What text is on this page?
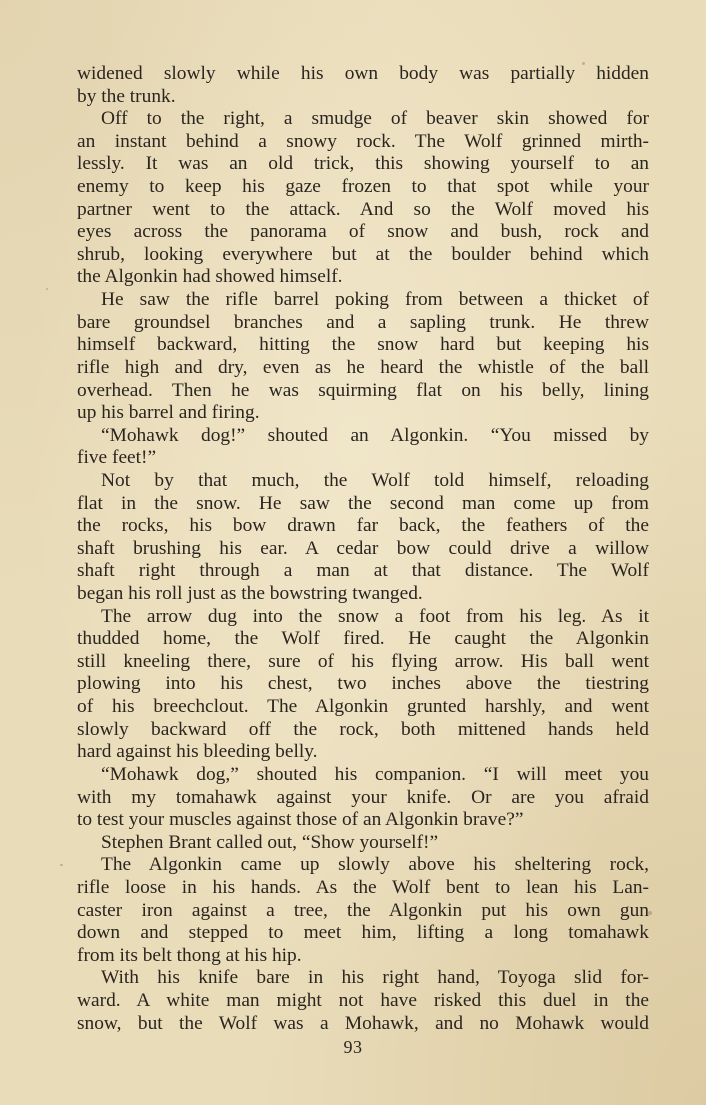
widened slowly while his own body was partially hidden
by the trunk.
Off to the right, a smudge of beaver skin showed for
an instant behind a snowy rock. The Wolf grinned mirth-
lessly. It was an old trick, this showing yourself to an
enemy to keep his gaze frozen to that spot while your
partner went to the attack. And so the Wolf moved his
eyes across the panorama of snow and bush, rock and
shrub, looking everywhere but at the boulder behind which
the Algonkin had showed himself.
He saw the rifle barrel poking from between a thicket of
bare groundsel branches and a sapling trunk. He threw
himself backward, hitting the snow hard but keeping his
rifle high and dry, even as he heard the whistle of the ball
overhead. Then he was squirming flat on his belly, lining
up his barrel and firing.
“Mohawk dog!” shouted an Algonkin. “You missed by
five feet!”
Not by that much, the Wolf told himself, reloading
flat in the snow. He saw the second man come up from
the rocks, his bow drawn far back, the feathers of the
shaft brushing his ear. A cedar bow could drive a willow
shaft right through a man at that distance. The Wolf
began his roll just as the bowstring twanged.
The arrow dug into the snow a foot from his leg. As it
thudded home, the Wolf fired. He caught the Algonkin
still kneeling there, sure of his flying arrow. His ball went
plowing into his chest, two inches above the tiestring
of his breechclout. The Algonkin grunted harshly, and went
slowly backward off the rock, both mittened hands held
hard against his bleeding belly.
“Mohawk dog,” shouted his companion. “I will meet you
with my tomahawk against your knife. Or are you afraid
to test your muscles against those of an Algonkin brave?”
Stephen Brant called out, “Show yourself!”
The Algonkin came up slowly above his sheltering rock,
rifle loose in his hands. As the Wolf bent to lean his Lan-
caster iron against a tree, the Algonkin put his own gun
down and stepped to meet him, lifting a long tomahawk
from its belt thong at his hip.
With his knife bare in his right hand, Toyoga slid for-
ward. A white man might not have risked this duel in the
snow, but the Wolf was a Mohawk, and no Mohawk would
93
